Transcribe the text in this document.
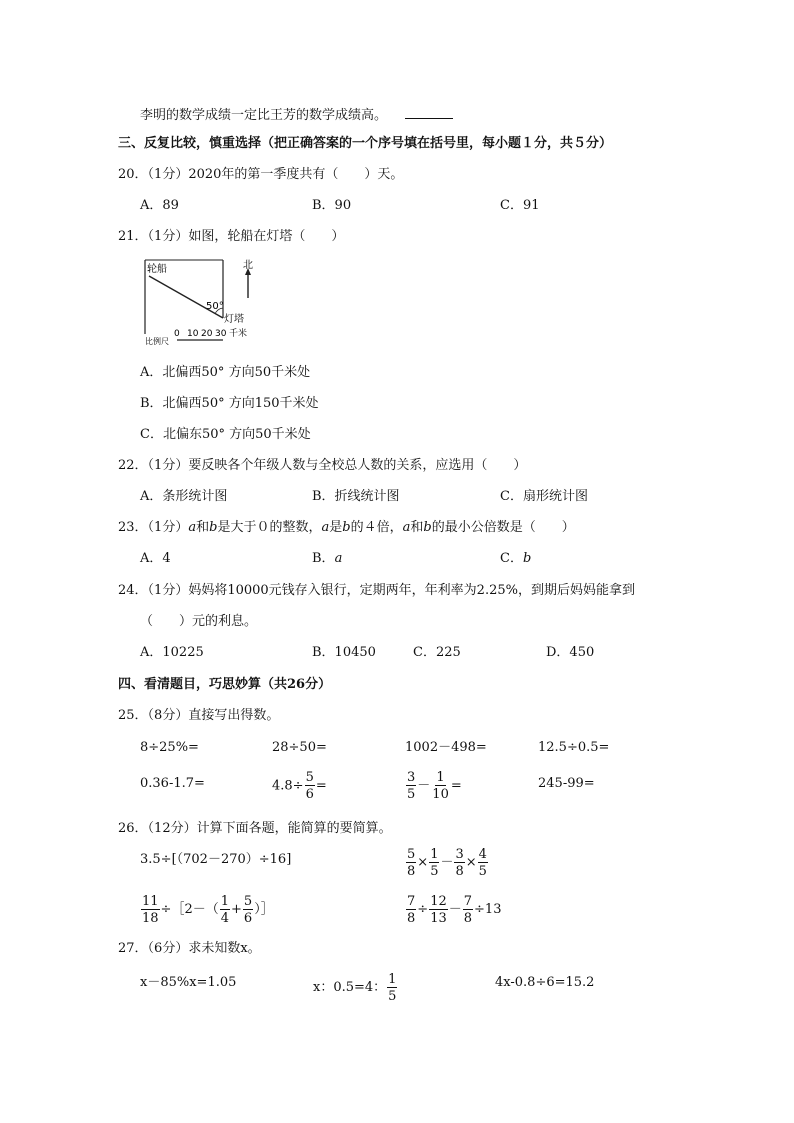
李明的数学成绩一定比王芳的数学成绩高。
三、反复比较，慎重选择（把正确答案的一个序号填在括号里，每小题１分，共５分）
20．（1分）2020年的第一季度共有（　　）天。
A．89	B．90	C．91
21．（1分）如图，轮船在灯塔（　　）
轮船
50°
灯塔
北
比例尺
0 10 20 30 千米
A．北偏西50° 方向50千米处
B．北偏西50° 方向150千米处
C．北偏东50° 方向50千米处
22．（1分）要反映各个年级人数与全校总人数的关系，应选用（　　）
A．条形统计图	B．折线统计图	C．扇形统计图
23．（1分）a和b是大于０的整数，a是b的４倍，a和b的最小公倍数是（　　）
A．4	B．a	C．b
24．（1分）妈妈将10000元钱存入银行，定期两年，年利率为2.25%，到期后妈妈能拿到
（　　）元的利息。
A．10225	B．10450	C．225	D．450
四、看清题目，巧思妙算（共26分）
25．（8分）直接写出得数。
8÷25%=	28÷50=	1002－498=	12.5÷0.5=
0.36-1.7=	$4.8\div \frac{5}{6}$ =	$\frac{3}{5} - \frac{1}{10}$ =	245-99=
26．（12分）计算下面各题，能简算的要简算。
3.5÷[（702－270）÷16]	$\frac{5}{8} \times \frac{1}{5} - \frac{3}{8} \times \frac{4}{5}$
$\frac{11}{18}$ ÷［2－（ $\frac{1}{4} + \frac{5}{6}$ ）］	$\frac{7}{8} \div \frac{12}{13} - \frac{7}{8} \div 13$
27．（6分）求未知数x。
x－85%x=1.05	x：0.5=4： $\frac{1}{5}$	4x-0.8÷6=15.2
